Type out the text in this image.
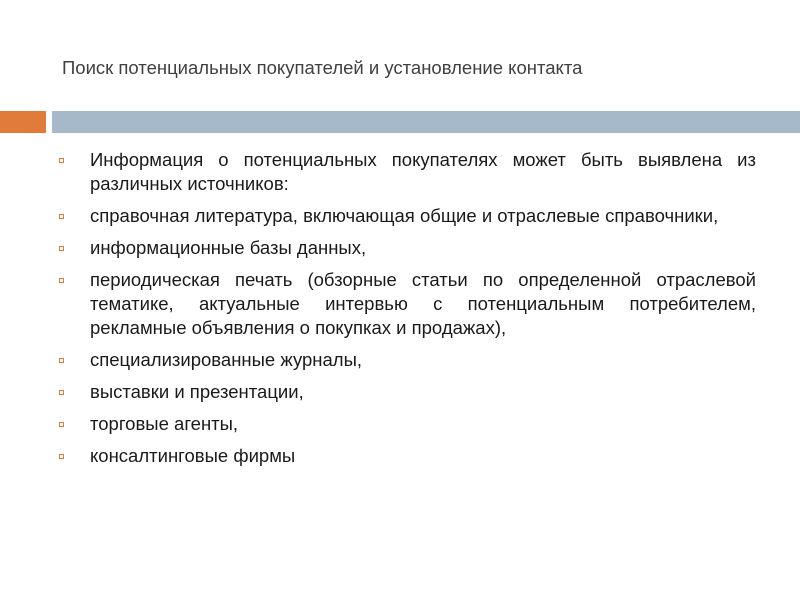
Поиск потенциальных покупателей и установление контакта
Информация о потенциальных покупателях может быть выявлена из различных источников:
справочная литература, включающая общие и отраслевые справочники,
информационные базы данных,
периодическая печать (обзорные статьи по определенной отраслевой тематике, актуальные интервью с потенциальным потребителем, рекламные объявления о покупках и продажах),
специализированные журналы,
выставки и презентации,
торговые агенты,
консалтинговые фирмы
